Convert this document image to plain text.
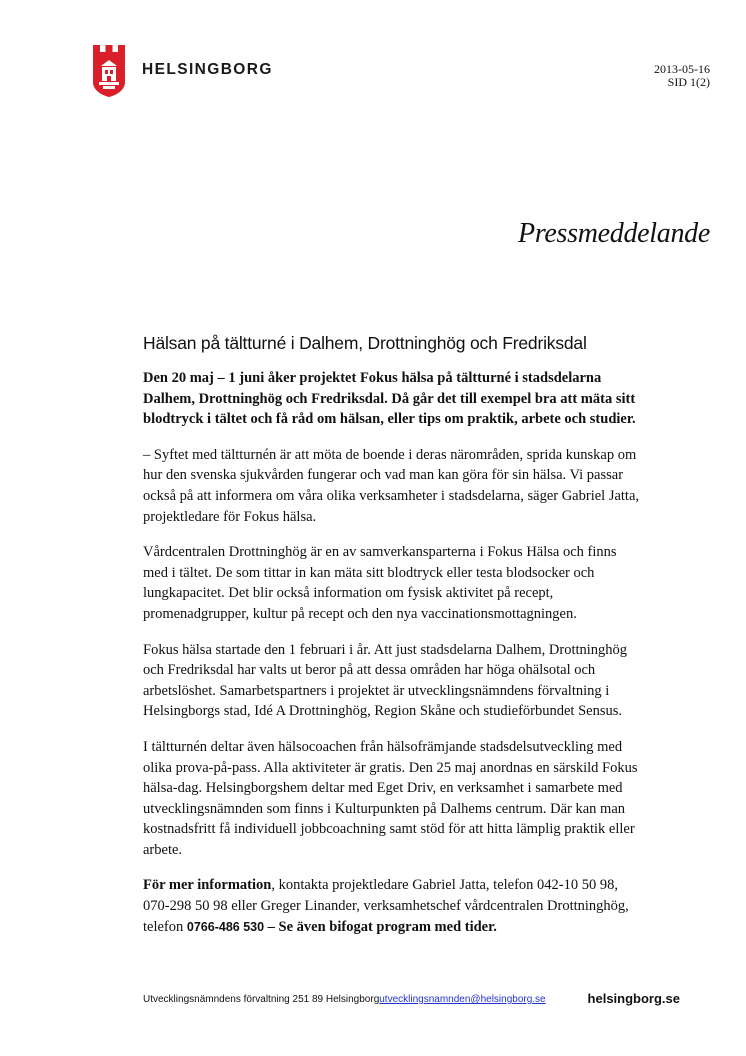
HELSINGBORG	2013-05-16
SID 1(2)
Pressmeddelande
Hälsan på tältturné i Dalhem, Drottninghög och Fredriksdal

Den 20 maj – 1 juni åker projektet Fokus hälsa på tältturné i stadsdelarna Dalhem, Drottninghög och Fredriksdal. Då går det till exempel bra att mäta sitt blodtryck i tältet och få råd om hälsan, eller tips om praktik, arbete och studier.

– Syftet med tältturnén är att möta de boende i deras närområden, sprida kunskap om hur den svenska sjukvården fungerar och vad man kan göra för sin hälsa. Vi passar också på att informera om våra olika verksamheter i stadsdelarna, säger Gabriel Jatta, projektledare för Fokus hälsa.

Vårdcentralen Drottninghög är en av samverkansparterna i Fokus Hälsa och finns med i tältet. De som tittar in kan mäta sitt blodtryck eller testa blodsocker och lungkapacitet. Det blir också information om fysisk aktivitet på recept, promenadgrupper, kultur på recept och den nya vaccinationsmottagningen.

Fokus hälsa startade den 1 februari i år. Att just stadsdelarna Dalhem, Drottninghög och Fredriksdal har valts ut beror på att dessa områden har höga ohälsotal och arbetslöshet. Samarbetspartners i projektet är utvecklingsnämndens förvaltning i Helsingborgs stad, Idé A Drottninghög, Region Skåne och studieförbundet Sensus.

I tältturnén deltar även hälsocoachen från hälsofrämjande stadsdelsutveckling med olika prova-på-pass. Alla aktiviteter är gratis. Den 25 maj anordnas en särskild Fokus hälsa-dag. Helsingborgshem deltar med Eget Driv, en verksamhet i samarbete med utvecklingsnämnden som finns i Kulturpunkten på Dalhems centrum. Där kan man kostnadsfritt få individuell jobbcoachning samt stöd för att hitta lämplig praktik eller arbete.

För mer information, kontakta projektledare Gabriel Jatta, telefon 042-10 50 98, 070-298 50 98 eller Greger Linander, verksamhetschef vårdcentralen Drottninghög, telefon 0766-486 530 – Se även bifogat program med tider.

Utvecklingsnämndens förvaltning 251 89 Helsingborgutvecklingsnamnden@helsingborg.se	helsingborg.se
